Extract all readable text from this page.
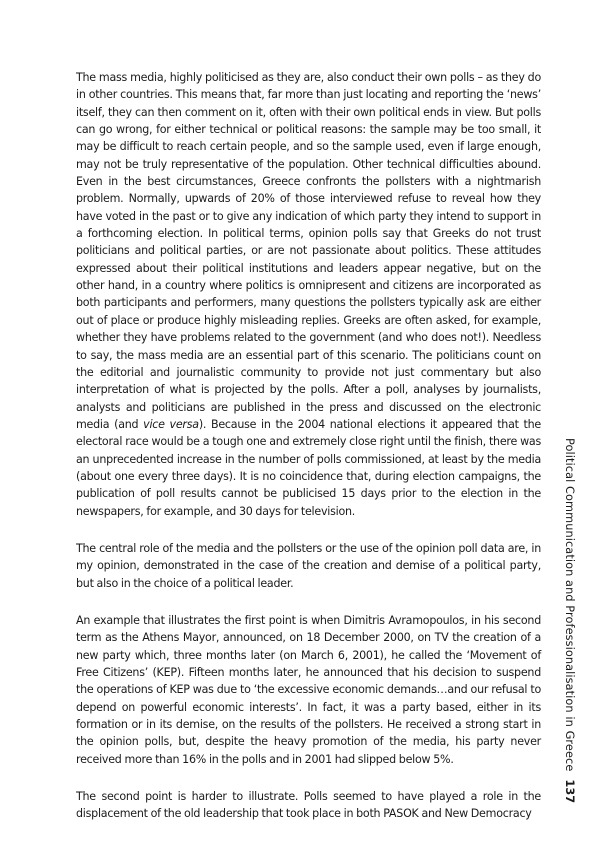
The mass media, highly politicised as they are, also conduct their own polls – as they do in other countries. This means that, far more than just locating and reporting the ‘news’ itself, they can then comment on it, often with their own political ends in view. But polls can go wrong, for either technical or political reasons: the sample may be too small, it may be difficult to reach certain people, and so the sample used, even if large enough, may not be truly representative of the population. Other technical difficulties abound. Even in the best circumstances, Greece confronts the pollsters with a nightmarish problem. Normally, upwards of 20% of those interviewed refuse to reveal how they have voted in the past or to give any indication of which party they intend to support in a forthcoming election. In political terms, opinion polls say that Greeks do not trust politicians and political parties, or are not passionate about politics. These attitudes expressed about their political institutions and leaders appear negative, but on the other hand, in a country where politics is omnipresent and citizens are incorporated as both participants and performers, many questions the pollsters typically ask are either out of place or produce highly misleading replies. Greeks are often asked, for example, whether they have problems related to the government (and who does not!). Needless to say, the mass media are an essential part of this scenario. The politicians count on the editorial and journalistic community to provide not just commentary but also interpretation of what is projected by the polls. After a poll, analyses by journalists, analysts and politicians are published in the press and discussed on the electronic media (and vice versa). Because in the 2004 national elections it appeared that the electoral race would be a tough one and extremely close right until the finish, there was an unprecedented increase in the number of polls commissioned, at least by the media (about one every three days). It is no coincidence that, during election campaigns, the publication of poll results cannot be publicised 15 days prior to the election in the newspapers, for example, and 30 days for television.

The central role of the media and the pollsters or the use of the opinion poll data are, in my opinion, demonstrated in the case of the creation and demise of a political party, but also in the choice of a political leader.

An example that illustrates the first point is when Dimitris Avramopoulos, in his second term as the Athens Mayor, announced, on 18 December 2000, on TV the creation of a new party which, three months later (on March 6, 2001), he called the ‘Movement of Free Citizens’ (KEP). Fifteen months later, he announced that his decision to suspend the operations of KEP was due to ‘the excessive economic demands…and our refusal to depend on powerful economic interests’. In fact, it was a party based, either in its formation or in its demise, on the results of the pollsters. He received a strong start in the opinion polls, but, despite the heavy promotion of the media, his party never received more than 16% in the polls and in 2001 had slipped below 5%.

The second point is harder to illustrate. Polls seemed to have played a role in the displacement of the old leadership that took place in both PASOK and New Democracy

Political Communication and Professionalisation in Greece137
